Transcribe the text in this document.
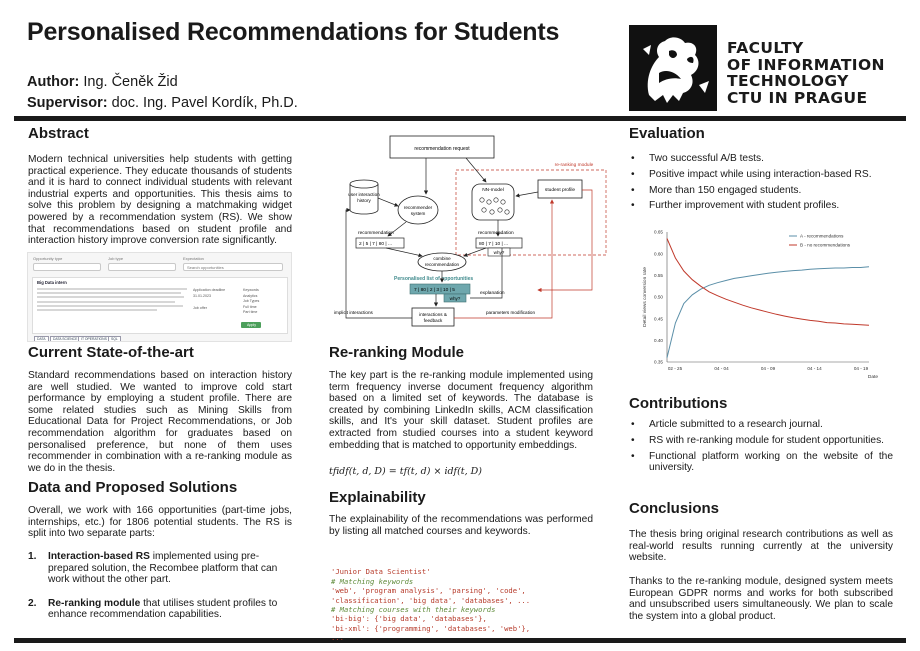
Personalised Recommendations for Students
Author: Ing. Čeněk Žid
Supervisor: doc. Ing. Pavel Kordík, Ph.D.
FACULTY
OF INFORMATION
TECHNOLOGY
CTU IN PRAGUE
Abstract
Modern technical universities help students with getting practical experience. They educate thousands of students and it is hard to connect individual students with relevant industrial experts and opportunities. This thesis aims to solve this problem by designing a matchmaking widget powered by a recommendation system (RS). We show that recommendations based on student profile and interaction history improve conversion rate significantly.
Opportunity type	Job type	Expectation
Search opportunities
Big Data intern
Application deadline
31.01.2023
Job offer
Keywords
Analytics
Job Types
Full time
Part time
Apply
DATA	DATA SCIENCE	IT OPERATIONS	SQL
Current State-of-the-art
Standard recommendations based on interaction history are well studied. We wanted to improve cold start performance by employing a student profile. There are some related studies such as Mining Skills from Educational Data for Project Recommendations, or Job recommendation algorithm for graduates based on personalised preference, but none of them uses recommender in combination with a re-ranking module as we do in the thesis.
Data and Proposed Solutions
Overall, we work with 166 opportunities (part-time jobs, internships, etc.) for 1806 potential students. The RS is split into two separate parts:
1. Interaction-based RS implemented using pre-prepared solution, the Recombee platform that can work without the other part.
2. Re-ranking module that utilises student profiles to enhance recommendation capabilities.
recommendation request
re-ranking module
user interaction
history
recommender
system
NN-model	student profile
recommendation
2 | 5 | 7 | 80 | ...
recommendation
80 | 7 | 10 | ...
why?
combine
recommendation
Personalised list of opportunities
7 | 80 | 2 | 3 | 10 | 5
why?
explanation
interactions &
feedback
implicit interactions	parameters modification
Re-ranking Module
The key part is the re-ranking module implemented using term frequency inverse document frequency algorithm based on a limited set of keywords. The database is created by combining LinkedIn skills, ACM classification skills, and It's your skill dataset. Student profiles are extracted from studied courses into a student keyword embedding that is matched to opportunity embeddings.
tfidf(t, d, D) = tf(t, d) × idf(t, D)
Explainability
The explainability of the recommendations was performed by listing all matched courses and keywords.

'Junior Data Scientist'
# Matching keywords
'web', 'program analysis', 'parsing', 'code',
'classification', 'big data', 'databases', ...
# Matching courses with their keywords
'bi-big': {'big data', 'databases'},
'bi-xml': {'programming', 'databases', 'web'},
...

Evaluation
• Two successful A/B tests.
• Positive impact while using interaction-based RS.
• More than 150 engaged students.
• Further improvement with student profiles.
0.35
0.40
0.45
0.50
0.55
0.60
0.65
02 - 25	04 - 04	04 - 09	04 - 14	04 - 19
Date
Detail views conversion rate
A - recommendations
B - no recommendations
Contributions
• Article submitted to a research journal.
• RS with re-ranking module for student opportunities.
• Functional platform working on the website of the university.
Conclusions
The thesis bring original research contributions as well as real-world results running currently at the university website.
Thanks to the re-ranking module, designed system meets European GDPR norms and works for both subscribed and unsubscribed users simultaneously. We plan to scale the system into a global product.
